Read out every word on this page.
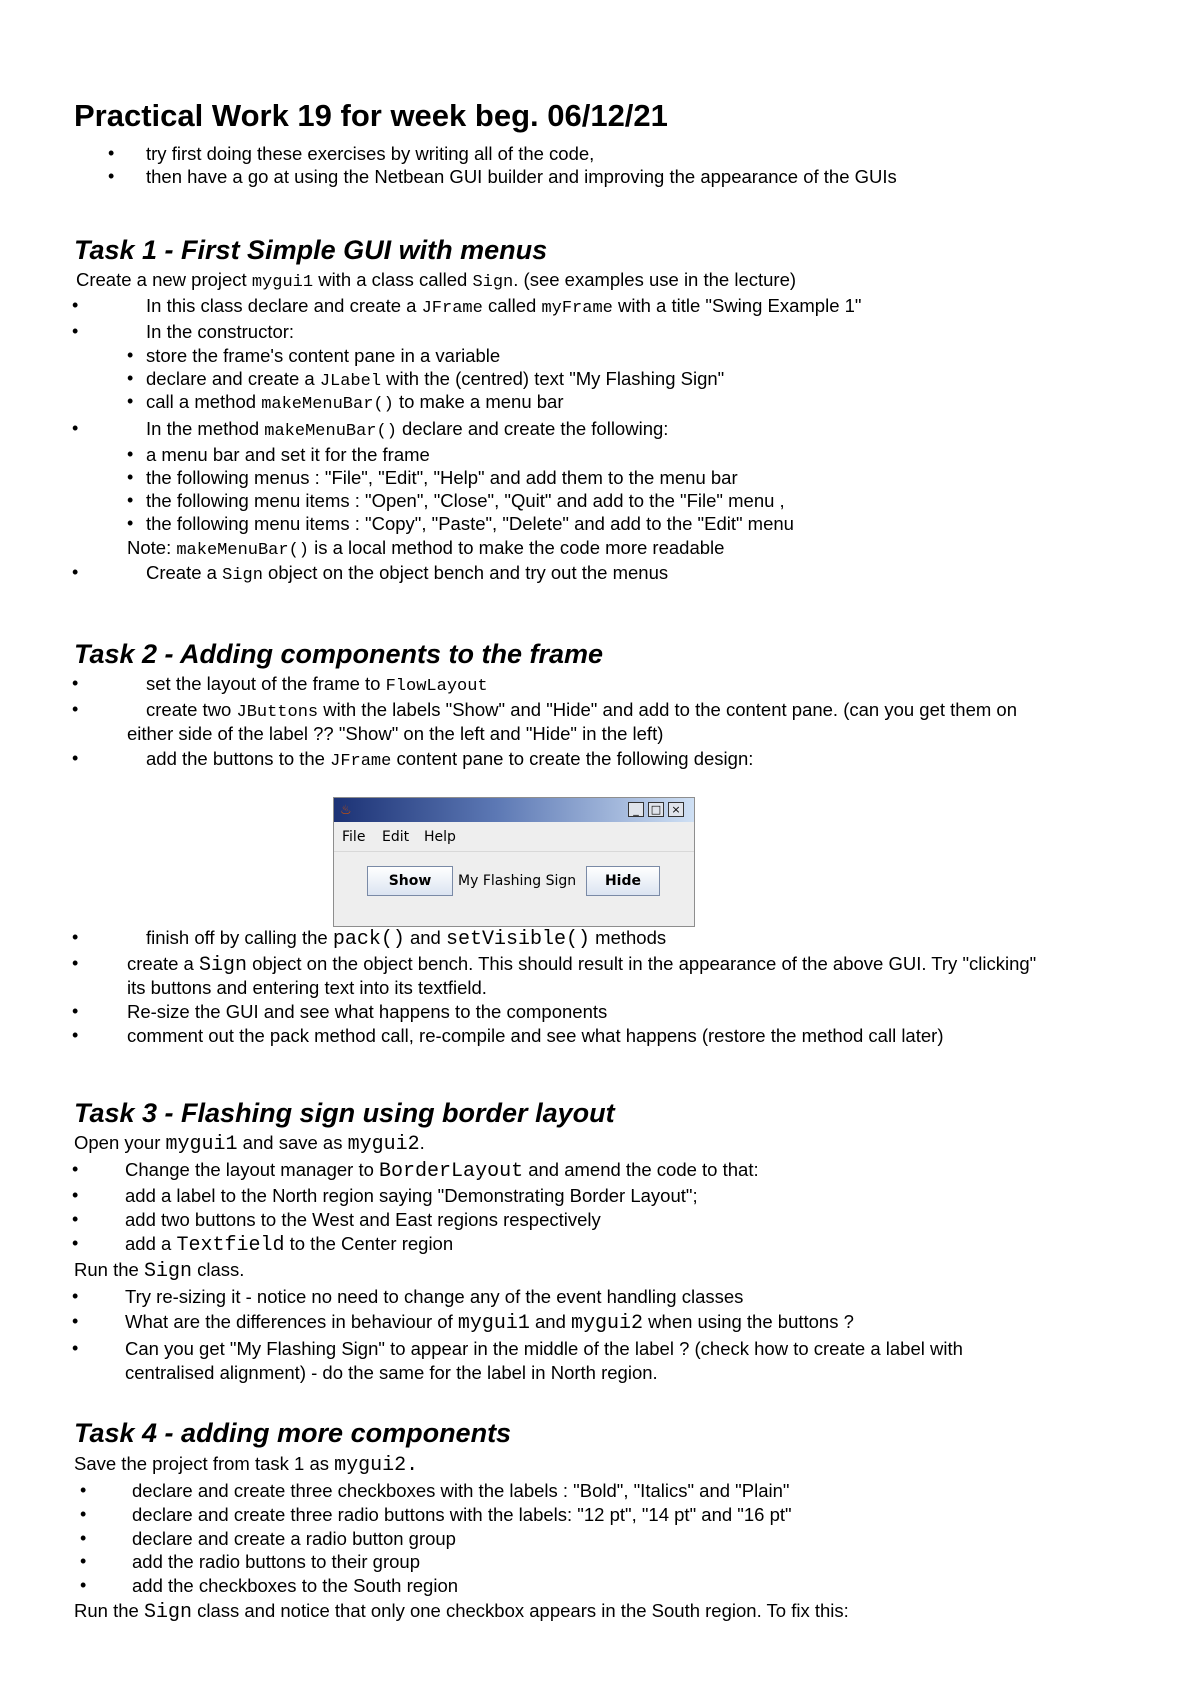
Practical Work 19 for week beg. 06/12/21
• try first doing these exercises by writing all of the code,
• then have a go at using the Netbean GUI builder and improving the appearance of the GUIs
Task 1 - First Simple GUI with menus
Create a new project mygui1 with a class called Sign. (see examples use in the lecture)
•	In this class declare and create a JFrame called myFrame with a title "Swing Example 1"
•	In the constructor:
• store the frame's content pane in a variable
• declare and create a JLabel with the (centred) text "My Flashing Sign"
• call a method makeMenuBar() to make a menu bar
•	In the method makeMenuBar() declare and create the following:
• a menu bar and set it for the frame
• the following menus : "File", "Edit", "Help" and add them to the menu bar
• the following menu items : "Open", "Close", "Quit" and add to the "File" menu ,
• the following menu items : "Copy", "Paste", "Delete" and add to the "Edit" menu
Note: makeMenuBar() is a local method to make the code more readable
•	Create a Sign object on the object bench and try out the menus
Task 2 - Adding components to the frame
•	set the layout of the frame to FlowLayout
•	create two JButtons with the labels "Show" and "Hide" and add to the content pane. (can you get them on
either side of the label ?? "Show" on the left and "Hide" in the left)
•	add the buttons to the JFrame content pane to create the following design:
♨	_	□ ×
File Edit Help
Show	My Flashing Sign	Hide
•	finish off by calling the pack() and setVisible() methods
•	create a Sign object on the object bench. This should result in the appearance of the above GUI. Try "clicking"
its buttons and entering text into its textfield.
•	Re-size the GUI and see what happens to the components
•	comment out the pack method call, re-compile and see what happens (restore the method call later)
Task 3 - Flashing sign using border layout
Open your mygui1 and save as mygui2.
•	Change the layout manager to BorderLayout and amend the code to that:
•	add a label to the North region saying "Demonstrating Border Layout";
•	add two buttons to the West and East regions respectively
•	add a Textfield to the Center region
Run the Sign class.
•	Try re-sizing it - notice no need to change any of the event handling classes
•	What are the differences in behaviour of mygui1 and mygui2 when using the buttons ?
•	Can you get "My Flashing Sign" to appear in the middle of the label ? (check how to create a label with
centralised alignment) - do the same for the label in North region.
Task 4 - adding more components
Save the project from task 1 as mygui2.
• declare and create three checkboxes with the labels : "Bold", "Italics" and "Plain"
• declare and create three radio buttons with the labels: "12 pt", "14 pt" and "16 pt"
• declare and create a radio button group
• add the radio buttons to their group
• add the checkboxes to the South region
Run the Sign class and notice that only one checkbox appears in the South region. To fix this:
